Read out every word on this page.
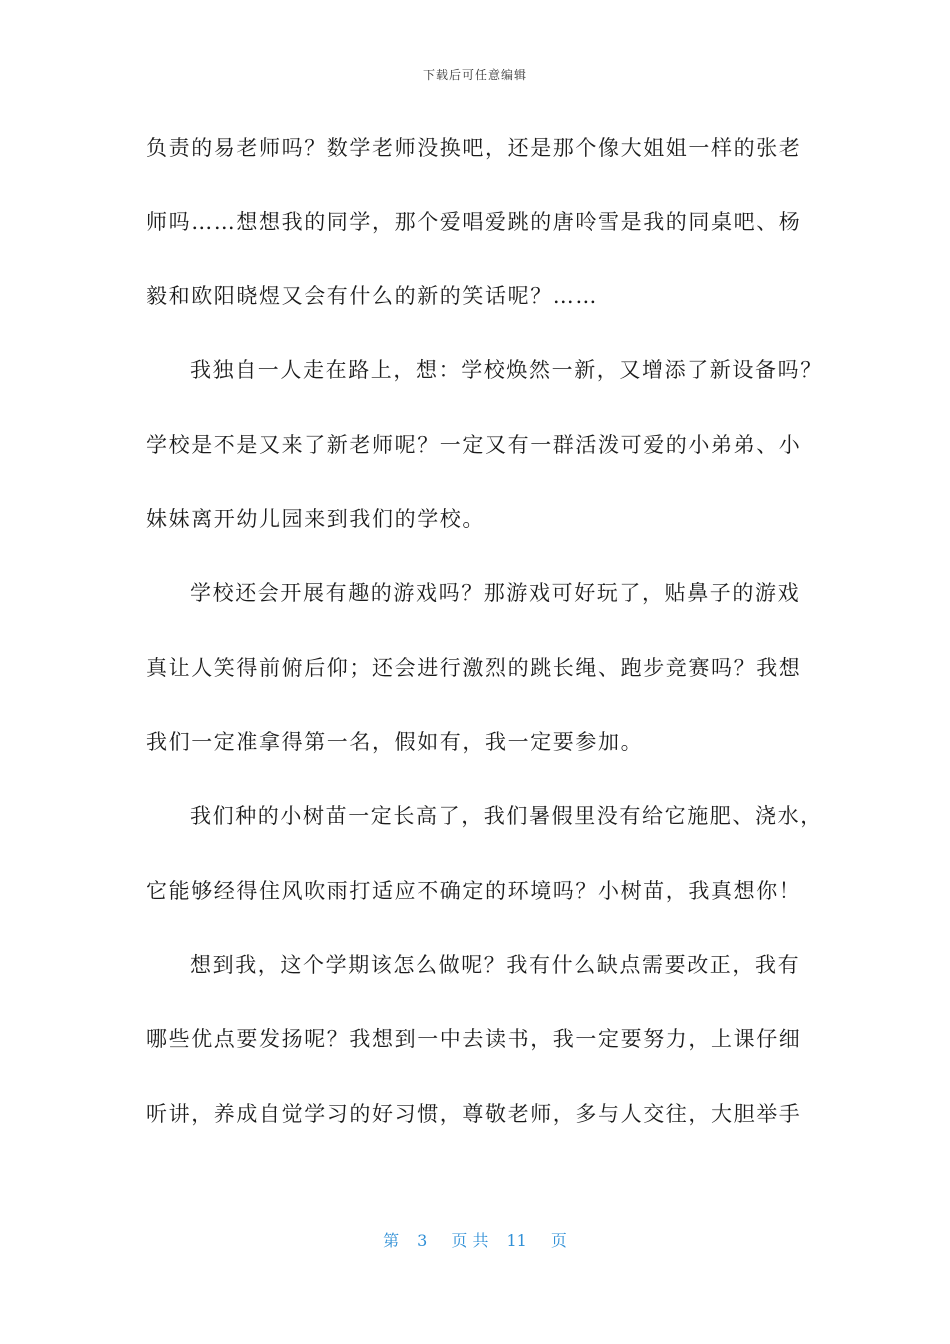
下载后可任意编辑
负责的易老师吗？数学老师没换吧，还是那个像大姐姐一样的张老
师吗……想想我的同学，那个爱唱爱跳的唐呤雪是我的同桌吧、杨
毅和欧阳晓煜又会有什么的新的笑话呢？……
我独自一人走在路上，想：学校焕然一新，又增添了新设备吗？
学校是不是又来了新老师呢？一定又有一群活泼可爱的小弟弟、小
妹妹离开幼儿园来到我们的学校。
学校还会开展有趣的游戏吗？那游戏可好玩了，贴鼻子的游戏
真让人笑得前俯后仰；还会进行激烈的跳长绳、跑步竞赛吗？我想
我们一定准拿得第一名，假如有，我一定要参加。
我们种的小树苗一定长高了，我们暑假里没有给它施肥、浇水，
它能够经得住风吹雨打适应不确定的环境吗？小树苗，我真想你！
想到我，这个学期该怎么做呢？我有什么缺点需要改正，我有
哪些优点要发扬呢？我想到一中去读书，我一定要努力，上课仔细
听讲，养成自觉学习的好习惯，尊敬老师，多与人交往，大胆举手
第 3 页 共 11 页
